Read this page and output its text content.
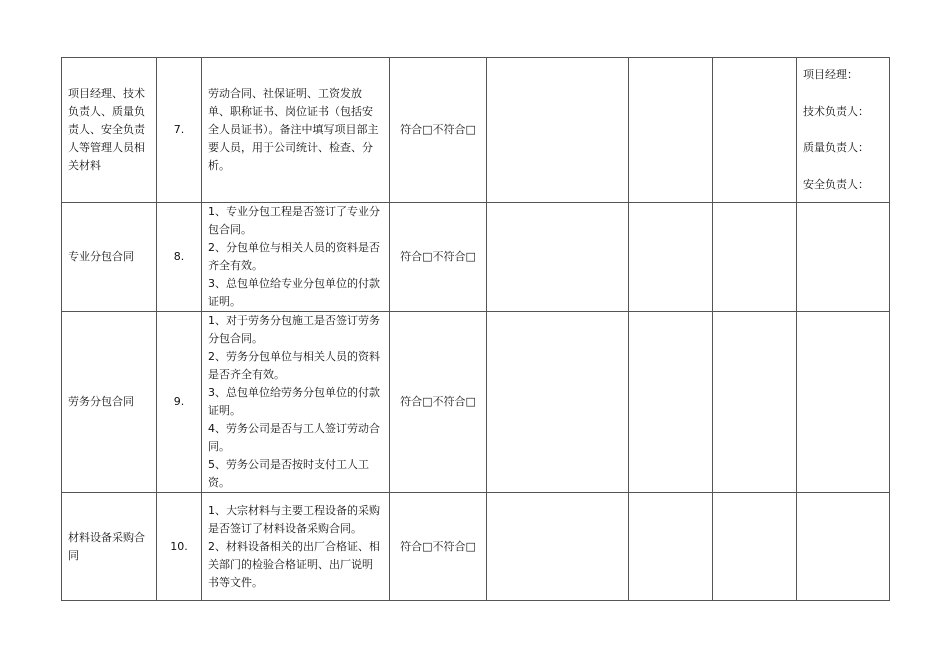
项目经理、技术负责人、质量负责人、安全负责人等管理人员相关材料	7.	劳动合同、社保证明、工资发放单、职称证书、岗位证书（包括安全人员证书）。备注中填写项目部主要人员，用于公司统计、检查、分析。	符合□不符合□				项目经理：
技术负责人：
质量负责人：
安全负责人：

专业分包合同	8.	1、专业分包工程是否签订了专业分包合同。
2、分包单位与相关人员的资料是否齐全有效。
3、总包单位给专业分包单位的付款证明。	符合□不符合□				
劳务分包合同	9.	1、对于劳务分包施工是否签订劳务分包合同。
2、劳务分包单位与相关人员的资料是否齐全有效。
3、总包单位给劳务分包单位的付款证明。
4、劳务公司是否与工人签订劳动合同。
5、劳务公司是否按时支付工人工资。	符合□不符合□				
材料设备采购合同	10.	1、大宗材料与主要工程设备的采购是否签订了材料设备采购合同。
2、材料设备相关的出厂合格证、相关部门的检验合格证明、出厂说明书等文件。	符合□不符合□				
